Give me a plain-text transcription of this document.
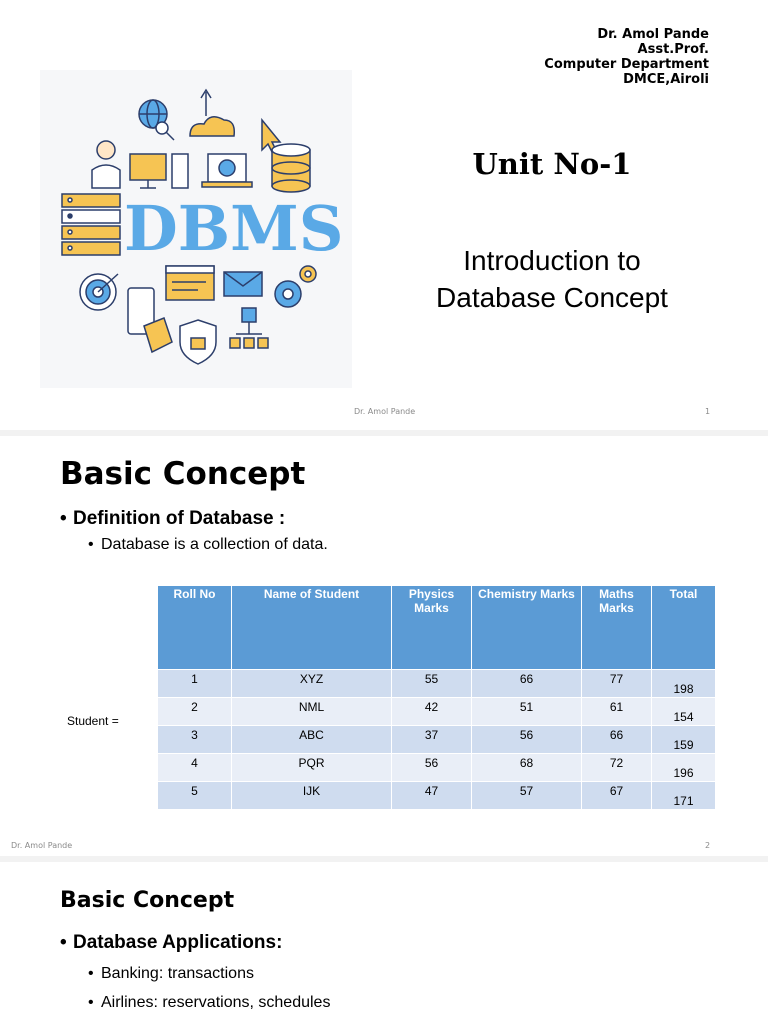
Dr. Amol Pande
Asst.Prof.
Computer Department
DMCE,Airoli
DBMS
Unit No-1
Introduction to
Database Concept
Dr. Amol Pande	1
Basic Concept
• Definition of Database :
• Database is a collection of data.
Student =
Roll No	Name of Student	Physics Marks	Chemistry Marks	Maths Marks	Total
1	XYZ	55	66	77	198
2	NML	42	51	61	154
3	ABC	37	56	66	159
4	PQR	56	68	72	196
5	IJK	47	57	67	171
Dr. Amol Pande	2
Basic Concept
• Database Applications:
• Banking: transactions
• Airlines: reservations, schedules
